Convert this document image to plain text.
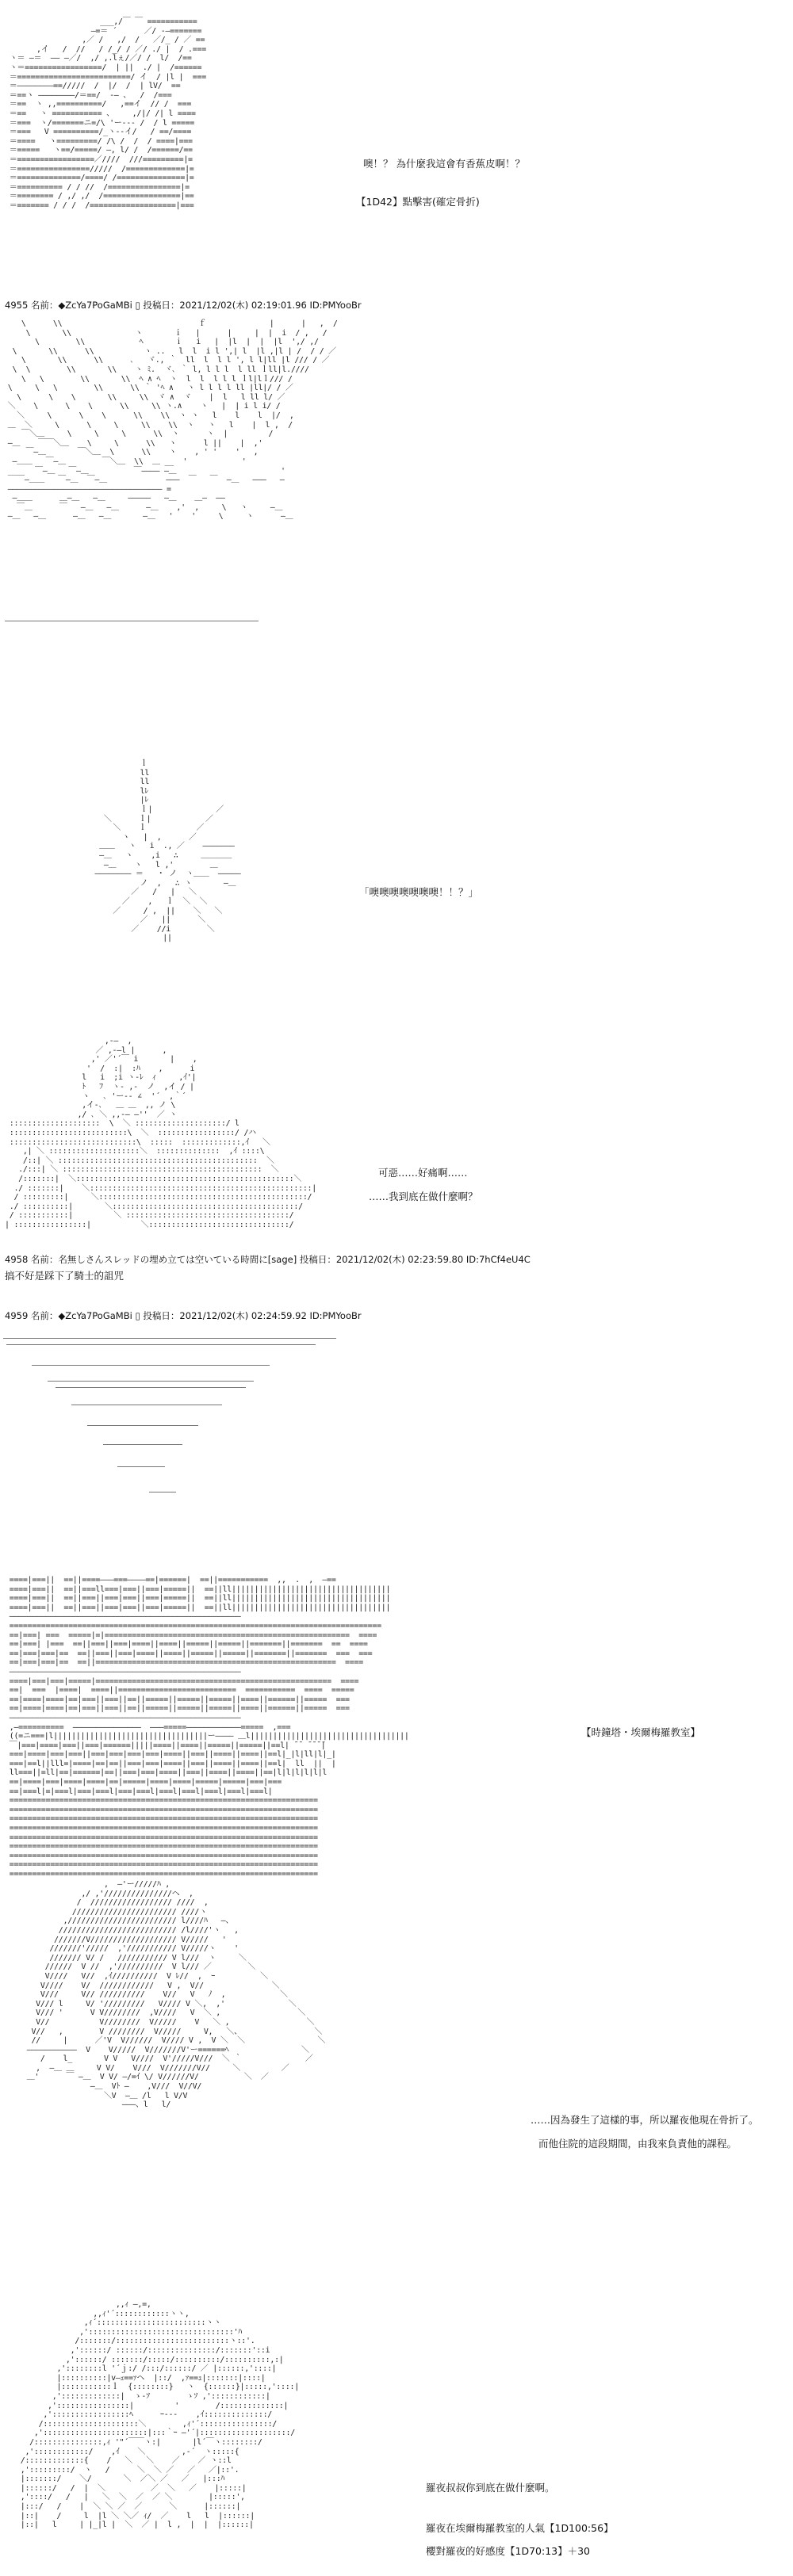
___,/￣ ￣ ===========
―=＝ ´      ／/ ‐―=======
,／ /   ,/  /   ／/_ / ／ ==
,イ   /  //   / /_/ / ／/ ./ |  / .===
ヽ＝ ―＝  ―― ―／/  ,/ ,.lぇ/／/ /  l/  /==
ヽ＝=================/  | ||  ./ |  /======
＝=========================/ イ  / |l |  ===
＝――――――――==/////  /  |/  /  | lV/  ==
＝==ヽ ――――――――/＝==/  -― 、  /  /===
＝==  ヽ ,,==========/   ,==イ  // /  ===
＝==   ヽ =========== 、    ,/|/ /| l ====
＝===  ヽ/=======ニ=/\ 'ー--‐ /  / l =====
＝===   V ==========/_ヽ‐‐イ/   / ==/====
＝====   ヽ=========/ /\ /  /  / ====|===
＝=====   ヽ==/=====/ ―, l/ /  /======/==
＝=================／////  ///=========|=
＝================/////  /=============|=
＝==============/====/ /===============|=
＝========== / / //  /================|=
＝======== / ,/ ,/  /=================|==
＝======= / / /  /===================|===

噢！？ 為什麼我這會有香蕉皮啊！？
【1D42】點擊害(確定骨折)
4955 名前：◆ZcYa7PoGaMBi ▯ 投稿日：2021/12/02(木) 02:19:01.96 ID:PMYooBr
\      \\                              ｆ              |      |   ,  /
\       \\              ヽ       ｉ   |      |     |  |  i  / ,   /
\        \\            ﾍ       ｉ   i   |  |l  |  |  |l  ',/ ,/
\       \\      \\           ヽ ..   l  l  i l ',| l  |l ,|l | /  / / ／
\       \\      \\      ､   ヾ., ｀  ll  l  l l ', l l|ll |l /// / ／
\  \        \\       \\    ヽ ﾐ.  ヾ､ ｀ l, l l l  l ll ｌll|l.////
\   \        \\       \\  ﾍ ∧ ﾍ  ヽ  l  l  l l l ｌl|lｌ/// /
\     \   \        \\      \\ ｀ 'ﾍ ∧   ヽ l l l l ll |ll|/ / ／
\      \    \       \\     \\  ヾ ∧  ヾ    |  l   l ll l/ ／
＼    \      \    \      \\     \\ ヽ.∧    ヽ   |  | i l i/ /
＼     \      \    \      \\    \\  ヽ ヽ   l    l    l  |/  ,
＿  ＼     \      \     \     \\    \\  ヽ   ヽ   l    |  l ,  /
￣＼＿     \     \     \      \\  ヽ      ヽ  |         /
―＿    ￣￣＼＿    \     \      \\   ヽ      l ||    |  ,'
￣―＿       ￣＼＿  \      \\    ヽ    , ' '    '   ,
―＿＿   ￣―＿        ￣＼＿  \\  ＿ __  '            '
__    ￣―＿   ￣―＿          ￣―――― ―＿                       '
￣―＿＿   ￣―＿  ￣―＿             ―――  ￣   ￣  ―＿   ―――   ―
―――――――――――――――――――――――――――――――――― =
―＿＿      ＿―＿   ―＿     ―――――   ―＿    ＿―  ――
￣＿      ￣   ―＿   ―＿      ―＿    ,'  ,     \   ヽ     ―＿
―＿   ―＿      ―＿   ―＿       ―＿   '    '     \     ヽ      ―＿

ｌ
ll
ll
lﾚ
|ﾚ
ｌ|              ／
＼      ｌ|            ／
＼    ｌ           ／
ヽ   |  ,      ／
＿＿   ヽ   i  ., ／    ―――――――
―＿   ヽ    ,i   ∴     ＿＿＿＿
―＿    ヽ   l ,'        ＿
―――――――― ＝   ・ ノ  ヽ＿＿  ―――――
ノ  ,   ∴ ヽ       ―＿
／   /   |   ＼
／    ,   ｌ  ＼  ＼
／     / ,  ||    ＼   ＼
／   ||      ＼
／    //i        ＼
||

「噢噢噢噢噢噢噢！！？」
,-―  ,
／ ,-―l |      ,
,' ／'´￣ i       |    ,
'  /  :|  :ﾊ    ,      i
l   i  ;i ヽ-ﾚ  ｨ     ,ｲ'|
ﾄ   ﾌ  ヽ‐ ,-  ノ  ,イ / |
ヽ   ､ 'ー-‐ ∠  '´  ,｀´
,イ-､   ＿ ＿  ,, ノ \
,/ ､ ＼ ,,-― ―''  ／ ヽ
::::::::::::::::::::  \  ＼ ::::::::::::::::::::/ l
::::::::::::::::::::::::::\  ＼  :::::::::::::::::/ /ハ
::::::::::::::::::::::::::::\  :::::  :::::::::::::,ｲ   ＼
,| ＼ ::::::::::::::::::::＼  ::::::::::::::  ,ｲ ::::\
/::| ＼ ::::::::::::::::::::::::::::::::::::::::::::  ＼
./:::| ＼ ::::::::::::::::::::::::::::::::::::::::::::  ＼
/:::::::|  ＼::::::::::::::::::::::::::::::::::::::::::::::::＼
./ :::::::|    ＼:::::::::::::::::::::::::::::::::::::::::::::::::|
/ :::::::::|     ＼::::::::::::::::::::::::::::::::::::::::::::::/
./ ::::::::::|       ＼:::::::::::::::::::::::::::::::::::::::::/
/ :::::::::::|         ＼ ::::::::::::::::::::::::::::::::::::/
| ::::::::::::::::|           ＼:::::::::::::::::::::::::::::::/

可惡……好痛啊……
……我到底在做什麼啊？
4958 名前：名無しさんスレッドの埋め立ては空いている時間に[sage] 投稿日：2021/12/02(木) 02:23:59.80 ID:7hCf4eU4C
搞不好是踩下了騎士的詛咒
4959 名前：◆ZcYa7PoGaMBi ▯ 投稿日：2021/12/02(木) 02:24:59.92 ID:PMYooBr
====|===||  ==||====―――===――――==|======|  ==||===========  ,,  .  ,  ―==
====|===||  ==||===ll===|===||===|=====||  ==||ll|||||||||||||||||||||||||||||||||||
====|===||  ==||===||===|===||===|=====||  ==||ll|||||||||||||||||||||||||||||||||||
====|===||  ==||===||===|===||===|=====||  ==||ll|||||||||||||||||||||||||||||||||||
―――――――――――――――――――――――――――――――――――――――――――――――――――
==================================================================================
==|===| ===  =====|=|======================================================  ====
==|===| |===  ==||===||===|====||====||=====||=====||=======||=======  ==  ====
==|===|===|==  ==||===||===|====||====||=====||=====||=======||=======  ===  ===
==|===|===|==  ==||=====================================================  ====
―――――――――――――――――――――――――――――――――――――――――――――――――――
====|===|===|=====|====================================================  ====
==|  ===  |====|  ====||==========================  ===========  ====  =====
==|====|====|==|===||===||==||=====||=====||=====||====||======||=====  ===
==|====|====|==|===||===||==||=====||=====||=====||====||======||=====  ===
―――――――――――――――――――――――――――――――――――――――――――――――――――
,―==========  ―――――――――――――――  ―――=====――――――――――――=====  ,===
((=ニ===|l||||||||||||||||||||||||||||||||||ー―――― ＿l|||||||||||||||||||||||||||||||||||
￣|===|====|===||===|======|||||====||====||=====||=====||==l| ̄ ̄  ̄ ̄ ̄ ̄|
===|====|===|===||===|===|===|===|====||===||====||====||==l|_|l|ll|l|_|
===|==l||lll=|====|==|==||===|===|====||===||====||====||==l|  ll  ||  |
ll===||=ll|==|======|==||===|===|====||===||====||====||==|l|l|l|l|l|l
==|====|===|====|====|==|=====|====|====|=====|=====|===|===
==|===l|=|===l|===|===l|===|===l|===l|===l|===l|===l|===l|
====================================================================
====================================================================
====================================================================
====================================================================
====================================================================
====================================================================
====================================================================
====================================================================
====================================================================

【時鐘塔・埃爾梅羅教室】
,  ―'ー/////ﾊ ,
,/ ,'///////////////ヘ  ,
/  ////////////////// ////  ,
/////////////////////// ////ヽ
,//////////////////////// l////ﾊ   ―、
////////////////////////// /l////'ヽ   ,
///////V/////////////////// V/////   '
///////'/////  ,'/////////// V/////ヽ    '
/////// V/ /   /////////// V l///  ヽ     ＼
//////  V //  ,'//////////  V l/// ／        ＼
V////   V//  ,ｲ//////////  V ﾚ//  ,  ｰ          ＼
V////    V/  ////////////   V ,  V//               ＼
V///     V// //////////    V//   V   ﾉ  ,            ＼
V/// l     V/ '/////////   V//// V ＼,  ,'              ＼
V/// '      V V////////  ,V////   V  ＼ ,                 ＼
V//           V////////  V/////    V   ＼ ,                 ＼
V//   ,        V ////////  V/////     V,   ＼、                ＼
//     |      ／'V  V//////  V//// V ,  V ＼  ＼                ＼
―――――――――――  V    V/////  V///////V'ー======ﾍ                ＼
/    l_       V V   V////  V'/////V///  ＼ ｀              ／
,  ―＿ ＿     V V/    V///  V///////V//     ＼         ／
＿'      ￣ ―＿  V V/ ―/=ｲ \/ V//////V/          ＼  ／
―＿  Vﾄ ―    ,V///  V//V/
＼V  ―＿ /l   l V/V
―――、l   l/

……因為發生了這樣的事，所以羅夜他現在骨折了。
而他住院的這段期間，由我來負責他的課程。
,,ｨ ―,=,
,,ｨ'´::::::::::::ヽヽ,
,ｨ´::::::::::::::::::::::::ヽヽ
,'::::::::::::::::::::::::::::::::'ﾊ
/:::::::/:::::::::::::::::::::::::ヽ::'.
,'::::::/ ::::::/:::::::::::::::/:::::::'::i
,'::::::/ :::::::/:::::/::::::::::/::::::::::,:|
,'::::::::l '´ｊ:/ /:::/::::::/ ／ |::::::,'::::|
|::::::::::|v―ｪ==ｧヘ  |::/  ,ｧ==ｭ|:::::::|::::|
|:::::::::::ｌ  {::::::::}   ヽ  {::::::}|:::::,'::::|
,':::::::::::::|  ゝ-ｿ        ゝｿ ,'::::::::::::|
,'::::::::::::::::|         '        /::::::::::::::|
,':::::::::::::::::ﾍ      ｰ‐‐‐    ,ｲ::::::::::::::/
/:::::::::::::::::::::＼        ,ｨ'´::::::::::::::::/
,':::::::::::::::::::::::|:::｀ｰ ―'´|::::::::::::::::::::/
/:::::::::::::::,ｨ '"´￣￣ヽ:|       |l´￣ヽ::::::::/
,'::::::::::::/    ,ｲ    ＼        ,-´  ヽ:::::{
/:::::::::::::{    /   ＼   ＼    ／    ／ ヽ::l
,':::::::::/  ヽ   /      ＼  ＼ ／   ／   ／|::'.
|:::::::/    ＼/       ＼  ／＼ ／   ／   |:::ﾊ
|::::::/   /  |  ＼          ／  ＼   ／    |:::::|
,'::::/   /   |   ＼  ＼  ／  ／ ＼        |:::::',
|:::/   /    |  ＼ ＼ ／  ／      ＼      |::::::|
|::|    /     l  |l ＼ ＼／ ｨ/  ／    l   l  |::::::|
|::|   l     | |_|l |  ＼  ／ |  l ,  |  |  |::::::|

羅夜叔叔你到底在做什麼啊。
羅夜在埃爾梅羅教室的人氣【1D100:56】
櫻對羅夜的好感度【1D70:13】＋30
